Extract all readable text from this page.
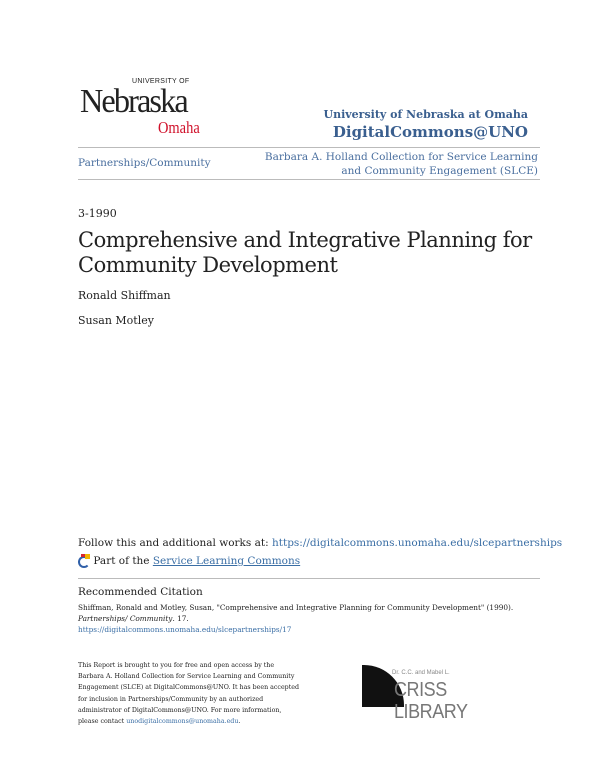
UNIVERSITY OF
Nebraska
Omaha
University of Nebraska at Omaha
DigitalCommons@UNO
Partnerships/Community	Barbara A. Holland Collection for Service Learning
and Community Engagement (SLCE)
3-1990
Comprehensive and Integrative Planning for
Community Development
Ronald Shiffman
Susan Motley
Follow this and additional works at: https://digitalcommons.unomaha.edu/slcepartnerships
Part of the Service Learning Commons
Recommended Citation
Shiffman, Ronald and Motley, Susan, "Comprehensive and Integrative Planning for Community Development" (1990). Partnerships/ Community. 17.
https://digitalcommons.unomaha.edu/slcepartnerships/17
This Report is brought to you for free and open access by the Barbara A. Holland Collection for Service Learning and Community Engagement (SLCE) at DigitalCommons@UNO. It has been accepted for inclusion in Partnerships/Community by an authorized administrator of DigitalCommons@UNO. For more information, please contact unodigitalcommons@unomaha.edu.
Dr. C.C. and Mabel L.
CRISS LIBRARY
